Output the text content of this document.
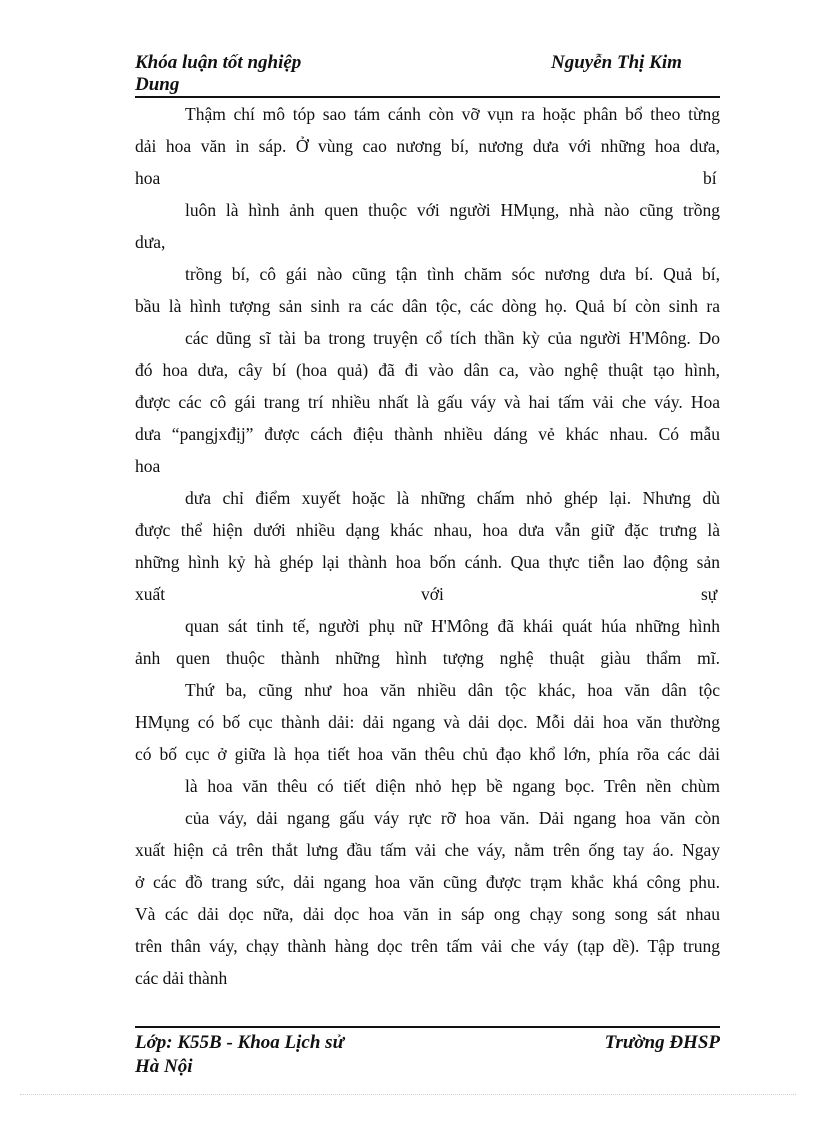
Khóa luận tốt nghiệp	Nguyễn Thị Kim
Dung
Thậm chí mô tóp sao tám cánh còn vỡ vụn ra hoặc phân bổ theo từng
dải hoa văn in sáp. Ở vùng cao nương bí, nương dưa với những hoa dưa,
hoa	bí
luôn là hình ảnh quen thuộc với người HMụng, nhà nào cũng trồng
dưa,
trồng bí, cô gái nào cũng tận tình chăm sóc nương dưa bí. Quả bí,
bầu là hình tượng sản sinh ra các dân tộc, các dòng họ. Quả bí còn sinh ra
các dũng sĩ tài ba trong truyện cổ tích thần kỳ của người H'Mông. Do
đó hoa dưa, cây bí (hoa quả) đã đi vào dân ca, vào nghệ thuật tạo hình,
được các cô gái trang trí nhiều nhất là gấu váy và hai tấm vải che váy. Hoa
dưa “pangjxđịj” được cách điệu thành nhiều dáng vẻ khác nhau. Có mẫu
hoa
dưa chỉ điểm xuyết hoặc là những chấm nhỏ ghép lại. Nhưng dù
được thể hiện dưới nhiều dạng khác nhau, hoa dưa vẫn giữ đặc trưng là
những hình kỷ hà ghép lại thành hoa bốn cánh. Qua thực tiễn lao động sản
xuất	với	sự
quan sát tinh tế, người phụ nữ H'Mông đã khái quát húa những hình
ảnh quen thuộc thành những hình tượng nghệ thuật giàu thẩm mĩ.
Thứ ba, cũng như hoa văn nhiều dân tộc khác, hoa văn dân tộc
HMụng có bố cục thành dải: dải ngang và dải dọc. Mỗi dải hoa văn thường
có bố cục ở giữa là họa tiết hoa văn thêu chủ đạo khổ lớn, phía rõa các dải
là hoa văn thêu có tiết diện nhỏ hẹp bề ngang bọc. Trên nền chùm
của váy, dải ngang gấu váy rực rỡ hoa văn. Dải ngang hoa văn còn
xuất hiện cả trên thắt lưng đầu tấm vải che váy, nằm trên ống tay áo. Ngay
ở các đồ trang sức, dải ngang hoa văn cũng được trạm khắc khá công phu.
Và các dải dọc nữa, dải dọc hoa văn in sáp ong chạy song song sát nhau
trên thân váy, chạy thành hàng dọc trên tấm vải che váy (tạp dề). Tập trung
các dải thành
Lớp: K55B - Khoa Lịch sử	Trường ĐHSP
Hà Nội
